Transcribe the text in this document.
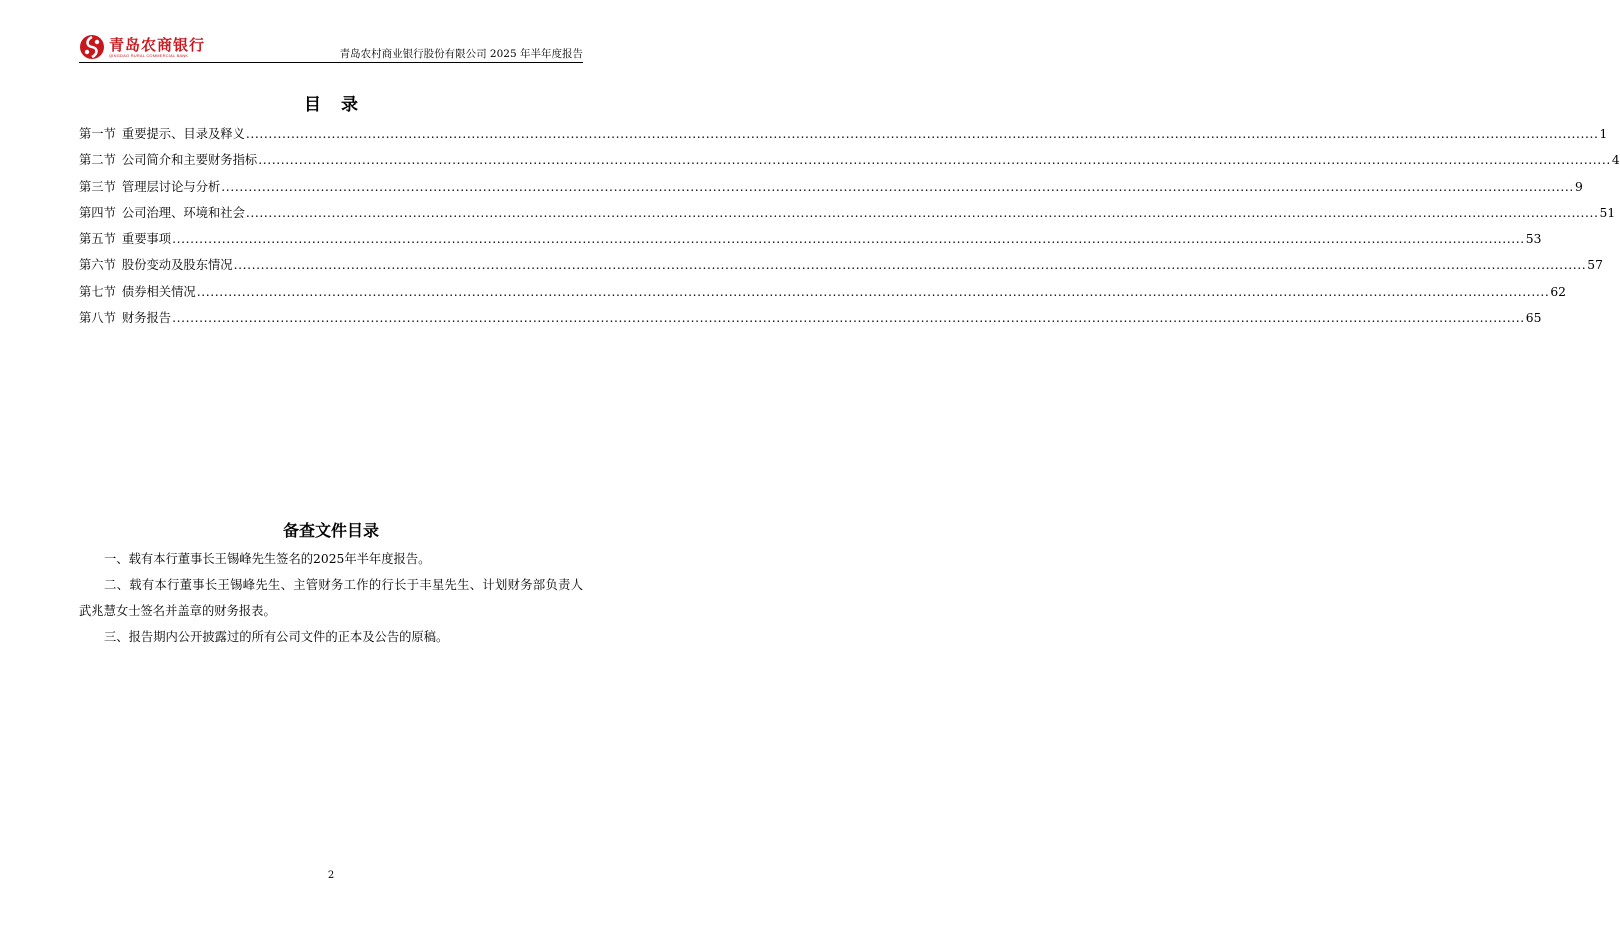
青岛农商银行
QINGDAO RURAL COMMERCIAL BANK	青岛农村商业银行股份有限公司 2025 年半年度报告
目 录
第一节 重要提示、目录及释义 ............................................................................................................................................................................................................................................................................................................ 1
第二节 公司简介和主要财务指标 ............................................................................................................................................................................................................................................................................................................ 4
第三节 管理层讨论与分析 ............................................................................................................................................................................................................................................................................................................ 9
第四节 公司治理、环境和社会 ............................................................................................................................................................................................................................................................................................................ 51
第五节 重要事项 ............................................................................................................................................................................................................................................................................................................ 53
第六节 股份变动及股东情况 ............................................................................................................................................................................................................................................................................................................ 57
第七节 债券相关情况 ............................................................................................................................................................................................................................................................................................................ 62
第八节 财务报告 ............................................................................................................................................................................................................................................................................................................ 65
备查文件目录

一、载有本行董事长王锡峰先生签名的2025年半年度报告。

二、载有本行董事长王锡峰先生、主管财务工作的行长于丰星先生、计划财务部负责人武兆慧女士签名并盖章的财务报表。

三、报告期内公开披露过的所有公司文件的正本及公告的原稿。

2
